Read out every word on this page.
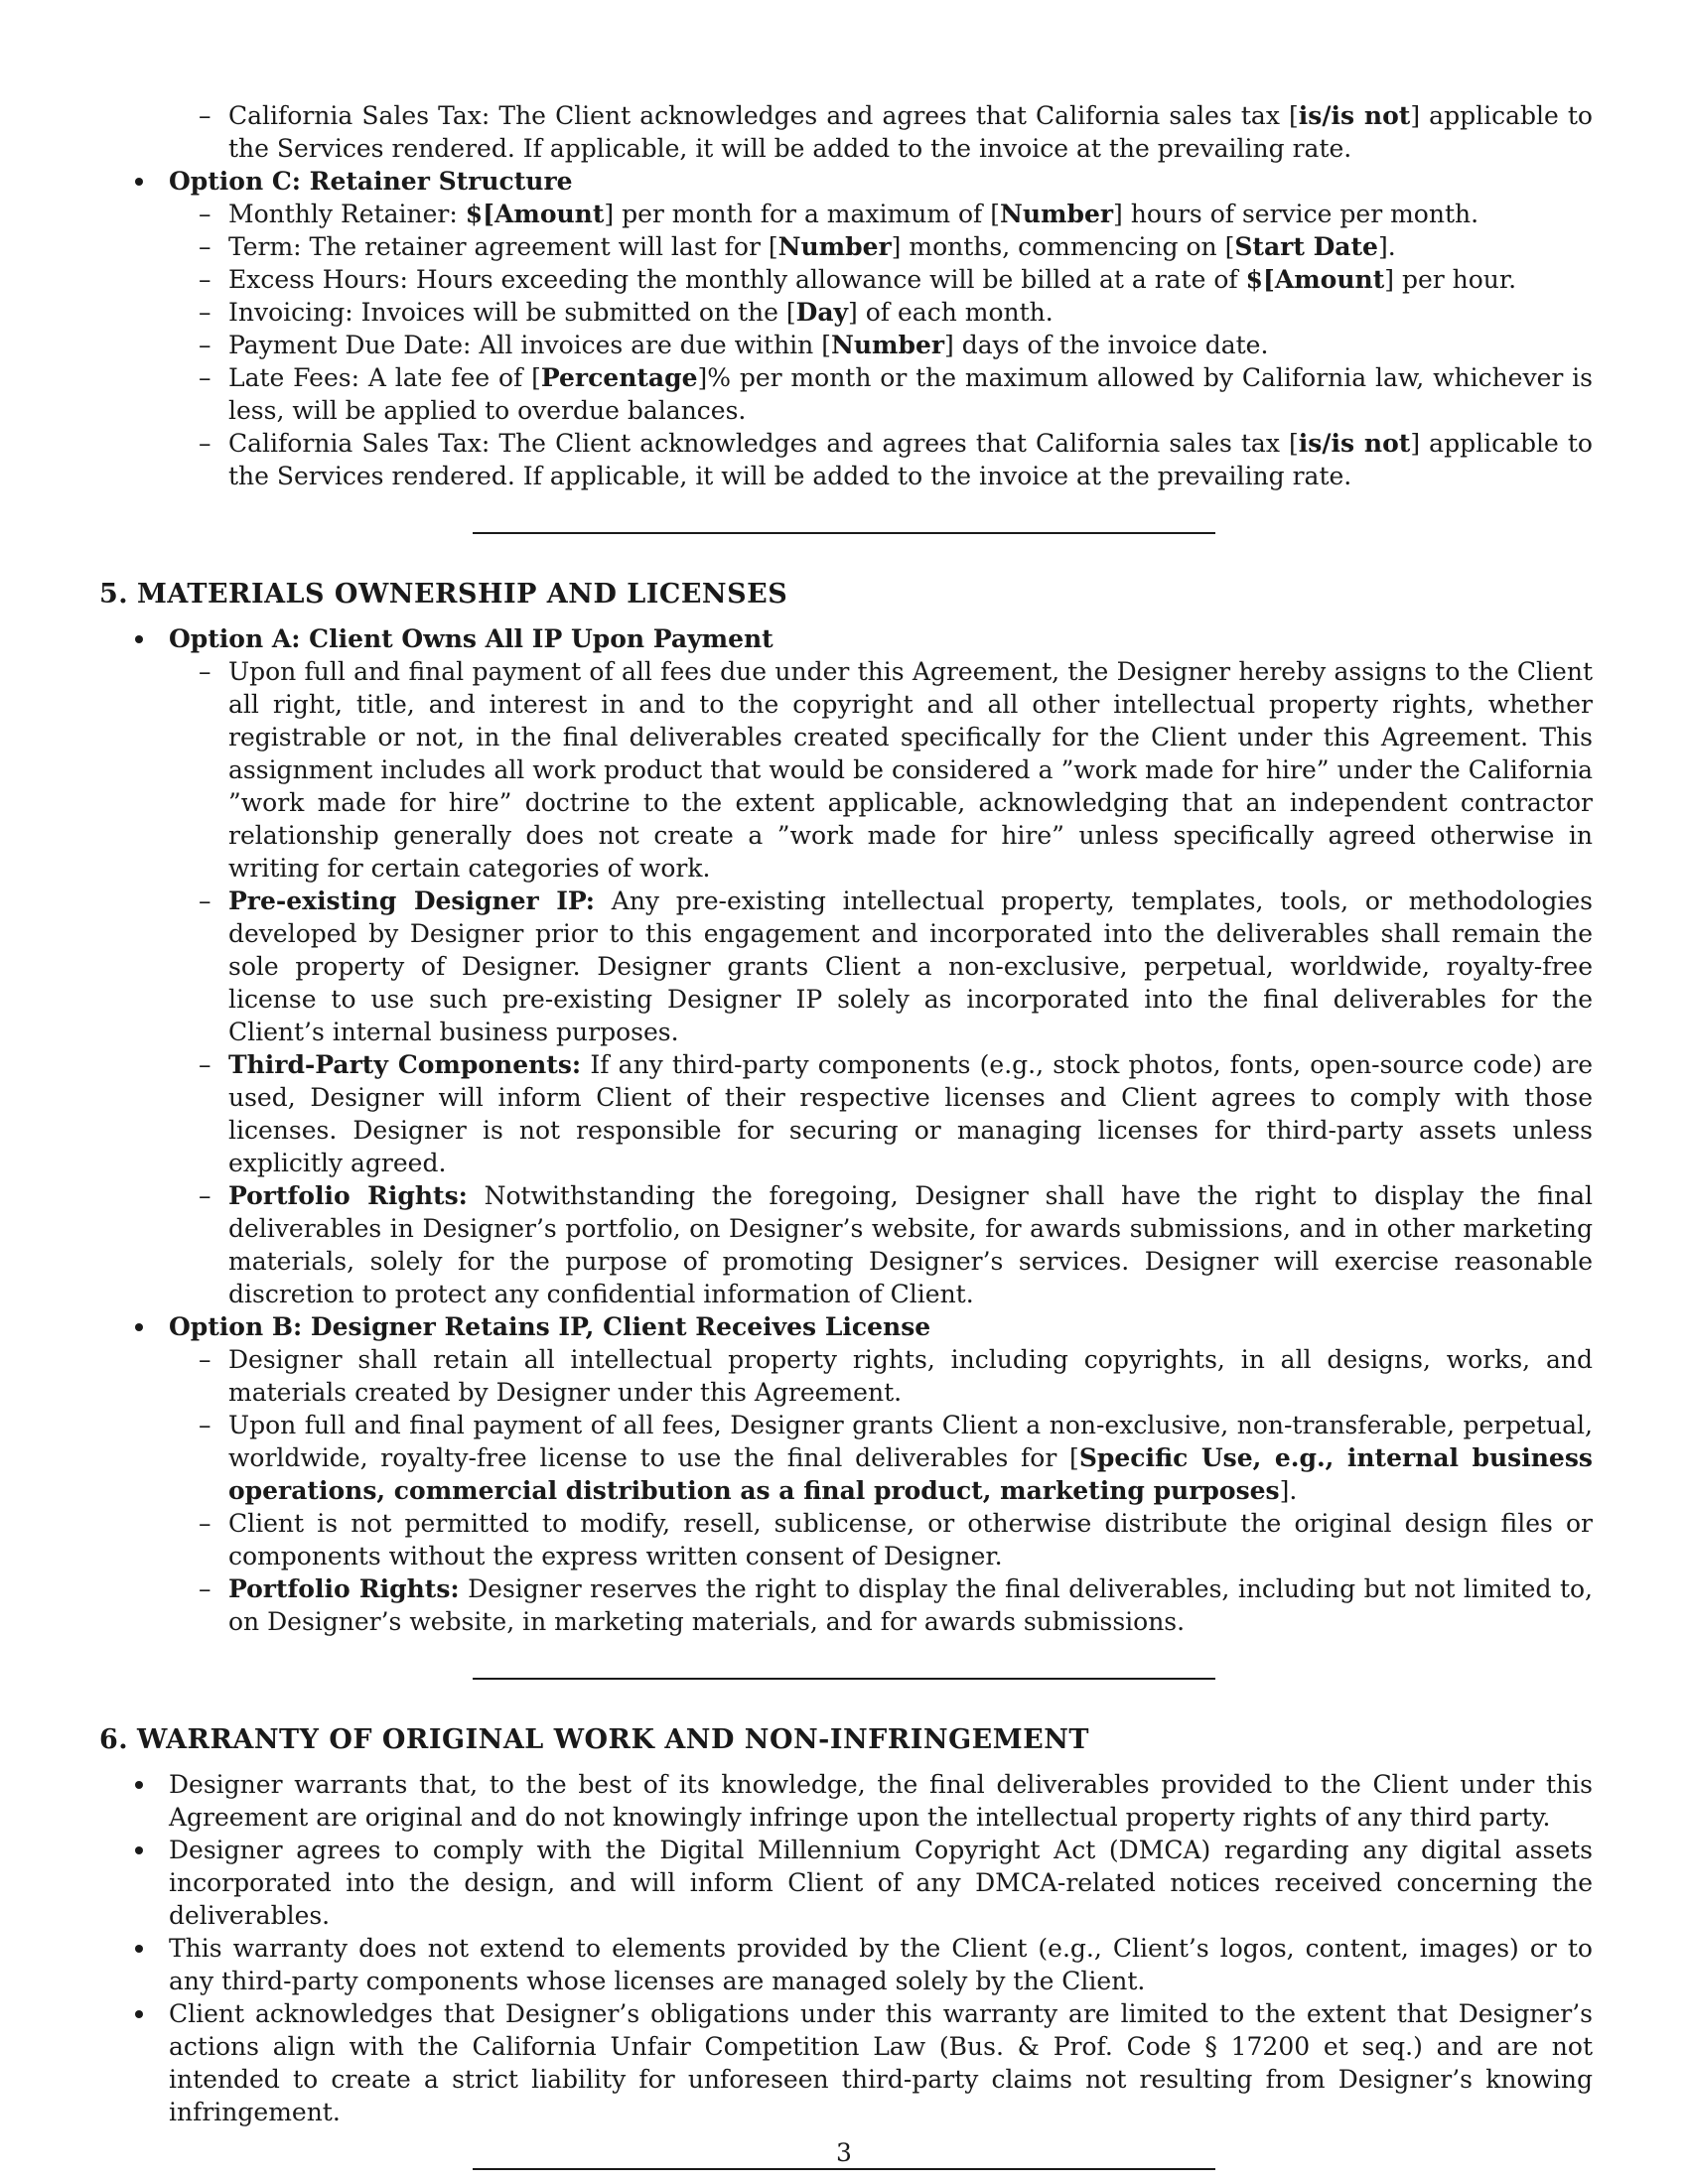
– California Sales Tax: The Client acknowledges and agrees that California sales tax [is/is not] applicable to the Services rendered. If applicable, it will be added to the invoice at the prevailing rate.
Option C: Retainer Structure
– Monthly Retainer: $[Amount] per month for a maximum of [Number] hours of service per month.
– Term: The retainer agreement will last for [Number] months, commencing on [Start Date].
– Excess Hours: Hours exceeding the monthly allowance will be billed at a rate of $[Amount] per hour.
– Invoicing: Invoices will be submitted on the [Day] of each month.
– Payment Due Date: All invoices are due within [Number] days of the invoice date.
– Late Fees: A late fee of [Percentage]% per month or the maximum allowed by California law, whichever is less, will be applied to overdue balances.
– California Sales Tax: The Client acknowledges and agrees that California sales tax [is/is not] applicable to the Services rendered. If applicable, it will be added to the invoice at the prevailing rate.
5. MATERIALS OWNERSHIP AND LICENSES
Option A: Client Owns All IP Upon Payment
– Upon full and final payment of all fees due under this Agreement, the Designer hereby assigns to the Client all right, title, and interest in and to the copyright and all other intellectual property rights, whether registrable or not, in the final deliverables created specifically for the Client under this Agreement. This assignment includes all work product that would be considered a ”work made for hire” under the California ”work made for hire” doctrine to the extent applicable, acknowledging that an independent contractor relationship generally does not create a ”work made for hire” unless specifically agreed otherwise in writing for certain categories of work.
– Pre-existing Designer IP: Any pre-existing intellectual property, templates, tools, or methodologies developed by Designer prior to this engagement and incorporated into the deliverables shall remain the sole property of Designer. Designer grants Client a non-exclusive, perpetual, worldwide, royalty-free license to use such pre-existing Designer IP solely as incorporated into the final deliverables for the Client’s internal business purposes.
– Third-Party Components: If any third-party components (e.g., stock photos, fonts, open-source code) are used, Designer will inform Client of their respective licenses and Client agrees to comply with those licenses. Designer is not responsible for securing or managing licenses for third-party assets unless explicitly agreed.
– Portfolio Rights: Notwithstanding the foregoing, Designer shall have the right to display the final deliverables in Designer’s portfolio, on Designer’s website, for awards submissions, and in other marketing materials, solely for the purpose of promoting Designer’s services. Designer will exercise reasonable discretion to protect any confidential information of Client.
Option B: Designer Retains IP, Client Receives License
– Designer shall retain all intellectual property rights, including copyrights, in all designs, works, and materials created by Designer under this Agreement.
– Upon full and final payment of all fees, Designer grants Client a non-exclusive, non-transferable, perpetual, worldwide, royalty-free license to use the final deliverables for [Specific Use, e.g., internal business operations, commercial distribution as a final product, marketing purposes].
– Client is not permitted to modify, resell, sublicense, or otherwise distribute the original design files or components without the express written consent of Designer.
– Portfolio Rights: Designer reserves the right to display the final deliverables, including but not limited to, on Designer’s website, in marketing materials, and for awards submissions.
6. WARRANTY OF ORIGINAL WORK AND NON-INFRINGEMENT
Designer warrants that, to the best of its knowledge, the final deliverables provided to the Client under this Agreement are original and do not knowingly infringe upon the intellectual property rights of any third party.
Designer agrees to comply with the Digital Millennium Copyright Act (DMCA) regarding any digital assets incorporated into the design, and will inform Client of any DMCA-related notices received concerning the deliverables.
This warranty does not extend to elements provided by the Client (e.g., Client’s logos, content, images) or to any third-party components whose licenses are managed solely by the Client.
Client acknowledges that Designer’s obligations under this warranty are limited to the extent that Designer’s actions align with the California Unfair Competition Law (Bus. & Prof. Code § 17200 et seq.) and are not intended to create a strict liability for unforeseen third-party claims not resulting from Designer’s knowing infringement.
3
